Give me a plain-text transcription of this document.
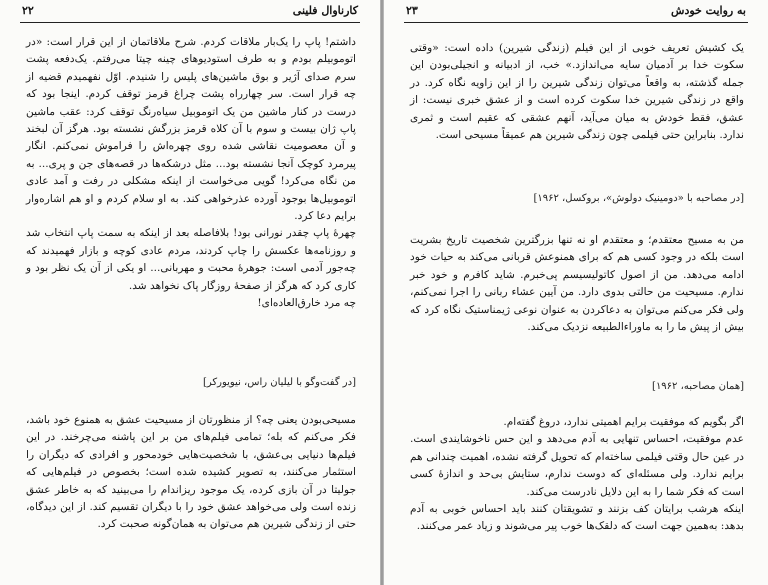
کارناوال فلینی
۲۲

داشتم! پاپ را یک‌بار ملاقات کردم. شرح ملاقاتمان از این قرار است: «در اتوموبیلم بودم و به طرف استودیوهای چینه چیتا می‌رفتم. یک‌دفعه پشت سرم صدای آژیر و بوق ماشین‌های پلیس را شنیدم. اوّل نفهمیدم قضیه از چه قرار است. سر چهارراه پشت چراغ قرمز توقف کردم. اینجا بود که درست در کنار ماشین من یک اتوموبیل سیاه‌رنگ توقف کرد: عقب ماشین پاپ ژان بیست و سوم با آن کلاه قرمز بزرگش نشسته بود. هرگز آن لبخند و آن معصومیت نقاشی شده روی چهره‌اش را فراموش نمی‌کنم. انگار پیرمرد کوچک آنجا نشسته بود... مثل درشکه‌ها در قصه‌های جن و پری... به من نگاه می‌کرد! گویی می‌خواست از اینکه مشکلی در رفت و آمد عادی اتوموبیل‌ها بوجود آورده عذرخواهی کند. به او سلام کردم و او هم اشاره‌وار برایم دعا کرد.

چهرهٔ پاپ چقدر نورانی بود! بلافاصله بعد از اینکه به سمت پاپ انتخاب شد و روزنامه‌ها عکسش را چاپ کردند، مردم عادی کوچه و بازار فهمیدند که چه‌جور آدمی است: جوهرهٔ محبت و مهربانی... او یکی از آن یک نظر بود و کاری کرد که هرگز از صفحهٔ روزگار پاک نخواهد شد.

چه مرد خارق‌العاده‌ای!

[در گفت‌وگو با لیلیان راس، نیویورکر]

مسیحی‌بودن یعنی چه؟ از منظورتان از مسیحیت عشق به همنوع خود باشد، فکر می‌کنم که بله؛ تمامی فیلم‌های من بر این پاشنه می‌چرخند. در این فیلم‌ها دنیایی بی‌عشق، با شخصیت‌هایی خودمحور و افرادی که دیگران را استثمار می‌کنند، به تصویر کشیده شده است؛ بخصوص در فیلم‌هایی که جولیتا در آن بازی کرده، یک موجود ریزاندام را می‌بینید که به خاطر عشق زنده است ولی می‌خواهد عشق خود را با دیگران تقسیم کند. از این دیدگاه، حتی از زندگی شیرین هم می‌توان به همان‌گونه صحبت کرد.

به روایت خودش
۲۳

یک کشیش تعریف خوبی از این فیلم (زندگی شیرین) داده است: «وقتی سکوت خدا بر آدمیان سایه می‌اندازد.» خب، از ادبیانه و انجیلی‌بودن این جمله گذشته، به واقعاً می‌توان زندگی شیرین را از این زاویه نگاه کرد. در واقع در زندگی شیرین خدا سکوت کرده است و از عشق خبری نیست: از عشق، فقط خودش به میان می‌آید، آنهم عشقی که عقیم است و ثمری ندارد. بنابراین حتی فیلمی چون زندگی شیرین هم عمیقاً مسیحی است.

[در مصاحبه با «دومینیک دولوش»، بروکسل، ۱۹۶۲]

من به مسیح معتقدم؛ و معتقدم او نه تنها بزرگترین شخصیت تاریخ بشریت است بلکه در وجود کسی هم که برای همنوعش قربانی می‌کند به حیات خود ادامه می‌دهد. من از اصول کاتولیسیسم پی‌خبرم. شاید کافرم و خود خبر ندارم. مسیحیت من حالتی بدوی دارد. من آیین عشاء ربانی را اجرا نمی‌کنم، ولی فکر می‌کنم می‌توان به دعاکردن به عنوان نوعی ژیمناستیک نگاه کرد که بیش از پیش ما را به ماوراءالطبیعه نزدیک می‌کند.

[همان مصاحبه، ۱۹۶۲]

اگر بگویم که موفقیت برایم اهمیتی ندارد، دروغ گفته‌ام.

عدم موفقیت، احساس تنهایی به آدم می‌دهد و این حس ناخوشایندی است. در عین حال وقتی فیلمی ساخته‌ام که تحویل گرفته نشده، اهمیت چندانی هم برایم ندارد. ولی مسئله‌ای که دوست ندارم، ستایش بی‌حد و اندازهٔ کسی است که فکر شما را به این دلایل نادرست می‌کند.

اینکه هرشب برایتان کف بزنند و تشویقتان کنند باید احساس خوبی به آدم بدهد: به‌همین جهت است که دلقک‌ها خوب پیر می‌شوند و زیاد عمر می‌کنند.
